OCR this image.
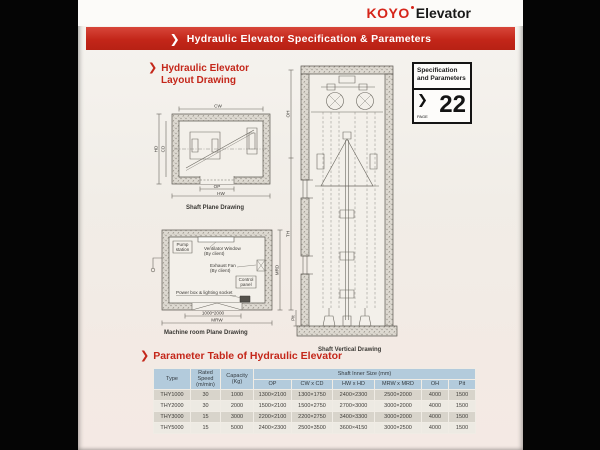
KOYO Elevator
❯ Hydraulic Elevator Specification & Parameters
❯ Hydraulic Elevator
Layout Drawing
Specification
and Parameters
❯
PAGE 22
CW
HD CD
OP
HW
Shaft Plane Drawing
Ventilator Window
(By client)
Pump
station
Exhaust Fan
(By client)
Control
panel
Power box & lighting socket
1000*2000
MRW
MRD
Machine room Plane Drawing
OH
TH
Pit
Shaft Vertical Drawing
❯ Parameter Table of Hydraulic Elevator
Type	Rated Speed (m/min)	Capacity (Kg)	Shaft Inner Size (mm)					
			OP	CW x CD	HW x HD	MRW x MRD	OH	Pit
THY1000	30	1000	1300×2100	1300×1750	2400×2300	2500×2000	4000	1500
THY2000	30	2000	1500×2100	1500×2750	2700×3000	3000×2000	4000	1500
THY3000	15	3000	2200×2100	2200×2750	3400×3300	3000×2000	4000	1500
THY5000	15	5000	2400×2300	2500×3500	3600×4150	3000×2500	4000	1500
